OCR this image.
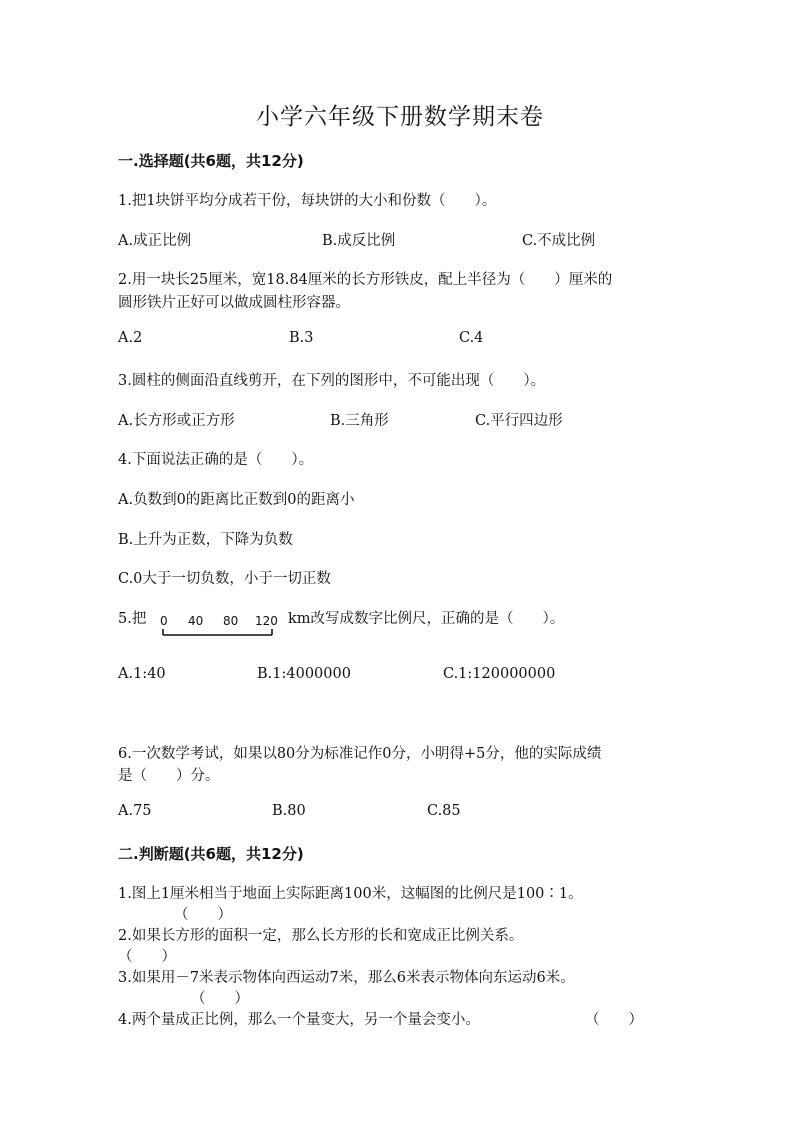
小学六年级下册数学期末卷
一.选择题(共6题，共12分)
1.把1块饼平均分成若干份，每块饼的大小和份数（　　）。
A.成正比例	B.成反比例	C.不成比例
2.用一块长25厘米，宽18.84厘米的长方形铁皮，配上半径为（　　）厘米的
圆形铁片正好可以做成圆柱形容器。
A.2	B.3	C.4
3.圆柱的侧面沿直线剪开，在下列的图形中，不可能出现（　　）。
A.长方形或正方形	B.三角形	C.平行四边形
4.下面说法正确的是（　　）。
A.负数到0的距离比正数到0的距离小
B.上升为正数，下降为负数
C.0大于一切负数，小于一切正数
5.把 0 40 80 120 km改写成数字比例尺，正确的是（　　）。
A.1:40	B.1:4000000	C.1:120000000
6.一次数学考试，如果以80分为标准记作0分，小明得+5分，他的实际成绩
是（　　）分。
A.75	B.80	C.85
二.判断题(共6题，共12分)
1.图上1厘米相当于地面上实际距离100米，这幅图的比例尺是100∶1。
（　　）
2.如果长方形的面积一定，那么长方形的长和宽成正比例关系。
（　　）
3.如果用－7米表示物体向西运动7米，那么6米表示物体向东运动6米。
（　　）
4.两个量成正比例，那么一个量变大，另一个量会变小。	（　　）
